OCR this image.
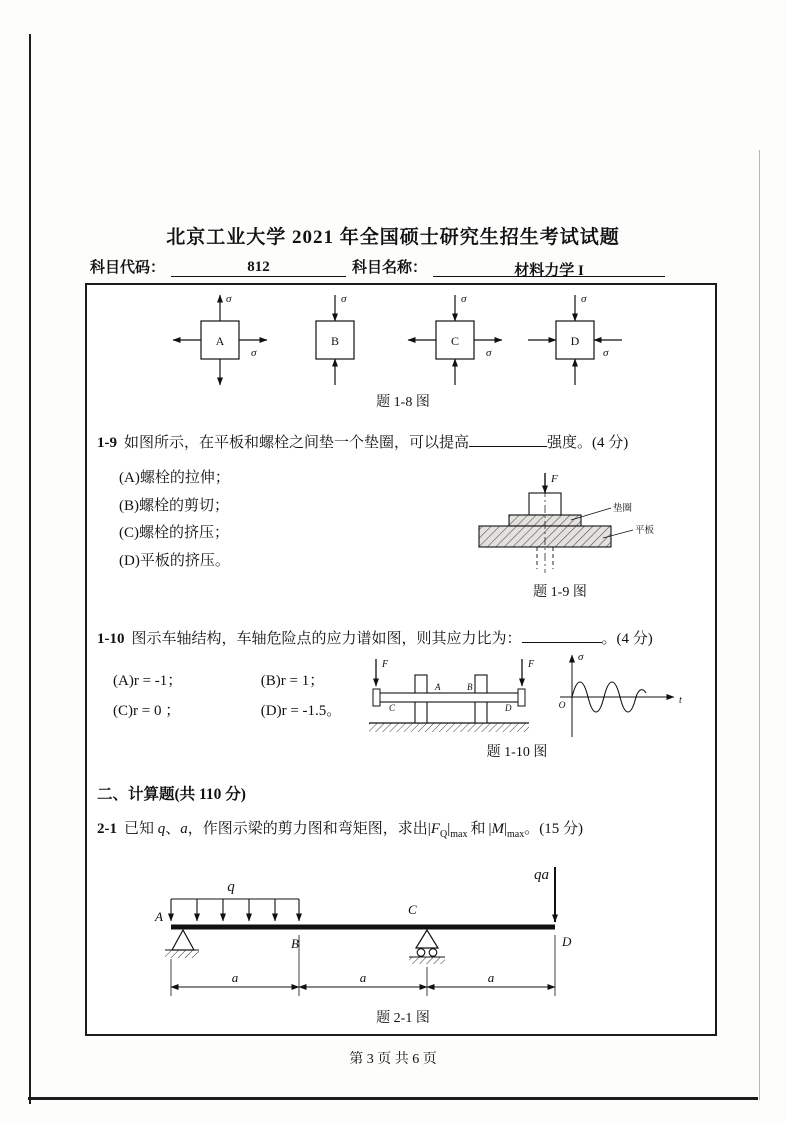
北京工业大学 2021 年全国硕士研究生招生考试试题
科目代码：	812	科目名称：	材料力学 I
A
σ
σ
B
σ
C
σ
σ
D
σ
σ
题 1-8 图
1-9 如图所示，在平板和螺栓之间垫一个垫圈，可以提高	强度。(4 分)
(A)螺栓的拉伸；
(B)螺栓的剪切；
(C)螺栓的挤压；
(D)平板的挤压。
F
垫圈
平板
题 1-9 图
1-10 图示车轴结构，车轴危险点的应力谱如图，则其应力比为：	。(4 分)
(A)r = -1；	(B)r = 1；
(C)r = 0 ；	(D)r = -1.5。
F	F
A	B
C	D
σ
t
O
题 1-10 图
二、计算题(共 110 分)
2-1 已知 q、a，作图示梁的剪力图和弯矩图，求出$|F_Q|_{max}$ 和 $|M|_{max}$。(15 分)
q
A
B
C
D
qa
a	a	a
题 2-1 图
第 3 页 共 6 页
